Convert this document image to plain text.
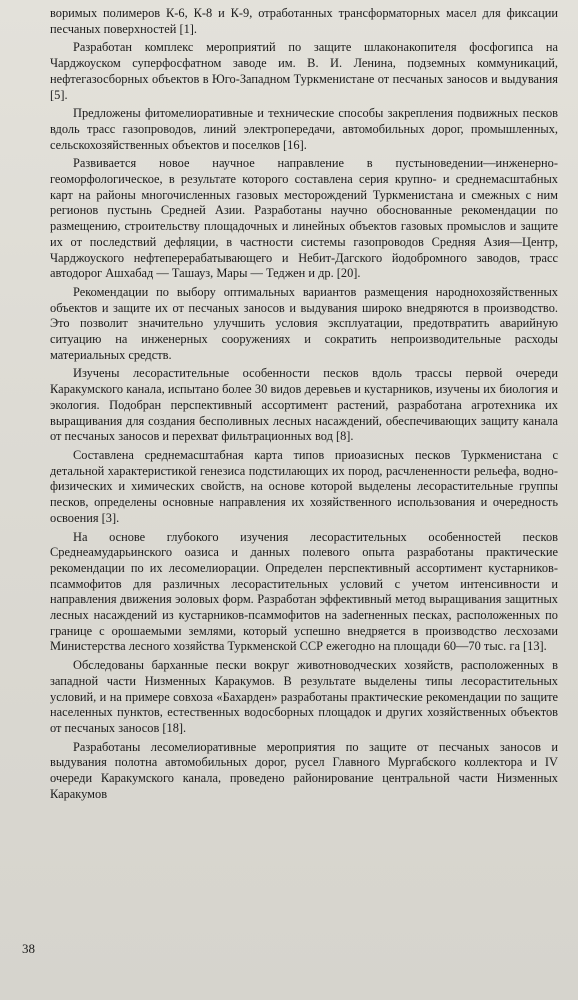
воримых полимеров К-6, К-8 и К-9, отработанных трансформаторных масел для фиксации песчаных поверхностей [1].

Разработан комплекс мероприятий по защите шлаконакопителя фосфогипса на Чарджоуском суперфосфатном заводе им. В. И. Ленина, подземных коммуникаций, нефтегазосборных объектов в Юго-Западном Туркменистане от песчаных заносов и выдувания [5].

Предложены фитомелиоративные и технические способы закрепления подвижных песков вдоль трасс газопроводов, линий электропередачи, автомобильных дорог, промышленных, сельскохозяйственных объектов и поселков [16].

Развивается новое научное направление в пустыноведении—инженерно-геоморфологическое, в результате которого составлена серия крупно- и среднемасштабных карт на районы многочисленных газовых месторождений Туркменистана и смежных с ним регионов пустынь Средней Азии. Разработаны научно обоснованные рекомендации по размещению, строительству площадочных и линейных объектов газовых промыслов и защите их от последствий дефляции, в частности системы газопроводов Средняя Азия—Центр, Чарджоуского нефтеперерабатывающего и Небит-Дагского йодобромного заводов, трасс автодорог Ашхабад — Ташауз, Мары — Теджен и др. [20].

Рекомендации по выбору оптимальных вариантов размещения народнохозяйственных объектов и защите их от песчаных заносов и выдувания широко внедряются в производство. Это позволит значительно улучшить условия эксплуатации, предотвратить аварийную ситуацию на инженерных сооружениях и сократить непроизводительные расходы материальных средств.

Изучены лесорастительные особенности песков вдоль трассы первой очереди Каракумского канала, испытано более 30 видов деревьев и кустарников, изучены их биология и экология. Подобран перспективный ассортимент растений, разработана агротехника их выращивания для создания бесполивных лесных насаждений, обеспечивающих защиту канала от песчаных заносов и перехват фильтрационных вод [8].

Составлена среднемасштабная карта типов приоазисных песков Туркменистана с детальной характеристикой генезиса подстилающих их пород, расчлененности рельефа, водно-физических и химических свойств, на основе которой выделены лесорастительные группы песков, определены основные направления их хозяйственного использования и очередность освоения [3].

На основе глубокого изучения лесорастительных особенностей песков Среднеамударьинского оазиса и данных полевого опыта разработаны практические рекомендации по их лесомелиорации. Определен перспективный ассортимент кустарников-псаммофитов для различных лесорастительных условий с учетом интенсивности и направления движения эоловых форм. Разработан эффективный метод выращивания защитных лесных насаждений из кустарников-псаммофитов на заderненных песках, расположенных по границе с орошаемыми землями, который успешно внедряется в производство лесхозами Министерства лесного хозяйства Туркменской ССР ежегодно на площади 60—70 тыс. га [13].

Обследованы барханные пески вокруг животноводческих хозяйств, расположенных в западной части Низменных Каракумов. В результате выделены типы лесорастительных условий, и на примере совхоза «Бахарден» разработаны практические рекомендации по защите населенных пунктов, естественных водосборных площадок и других хозяйственных объектов от песчаных заносов [18].

Разработаны лесомелиоративные мероприятия по защите от песчаных заносов и выдувания полотна автомобильных дорог, русел Главного Мургабского коллектора и IV очереди Каракумского канала, проведено районирование центральной части Низменных Каракумов

38
